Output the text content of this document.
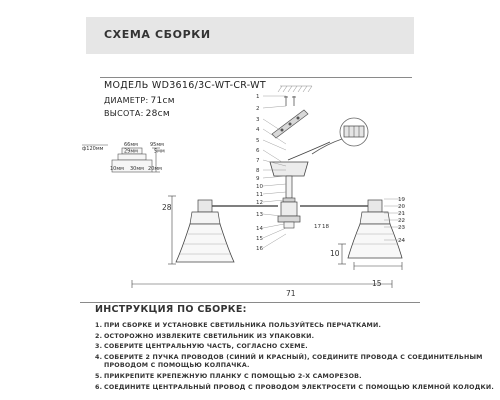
СХЕМА СБОРКИ
МОДЕЛЬ WD3616/3C-WT-CR-WT
ДИАМЕТР: 71см
ВЫСОТА: 28см
ф120мм
66мм
29мм
95мм
5мм
10мм 30мм 20мм
28
71
10
15
1
2
3
4
5
6
7
8
9
10
11
12
13
14
15
16
17 18
19
20
21
22
23
24
ИНСТРУКЦИЯ ПО СБОРКЕ:
1. ПРИ СБОРКЕ И УСТАНОВКЕ СВЕТИЛЬНИКА ПОЛЬЗУЙТЕСЬ ПЕРЧАТКАМИ.
2. ОСТОРОЖНО ИЗВЛЕКИТЕ СВЕТИЛЬНИК ИЗ УПАКОВКИ.
3. СОБЕРИТЕ ЦЕНТРАЛЬНУЮ ЧАСТЬ, СОГЛАСНО СХЕМЕ.
4. СОБЕРИТЕ 2 ПУЧКА ПРОВОДОВ (СИНИЙ И КРАСНЫЙ), СОЕДИНИТЕ ПРОВОДА С СОЕДИНИТЕЛЬНЫМ
ПРОВОДОМ С ПОМОЩЬЮ КОЛПАЧКА.
5. ПРИКРЕПИТЕ КРЕПЕЖНУЮ ПЛАНКУ С ПОМОЩЬЮ 2-Х САМОРЕЗОВ.
6. СОЕДИНИТЕ ЦЕНТРАЛЬНЫЙ ПРОВОД С ПРОВОДОМ ЭЛЕКТРОСЕТИ С ПОМОЩЬЮ КЛЕМНОЙ КОЛОДКИ.
